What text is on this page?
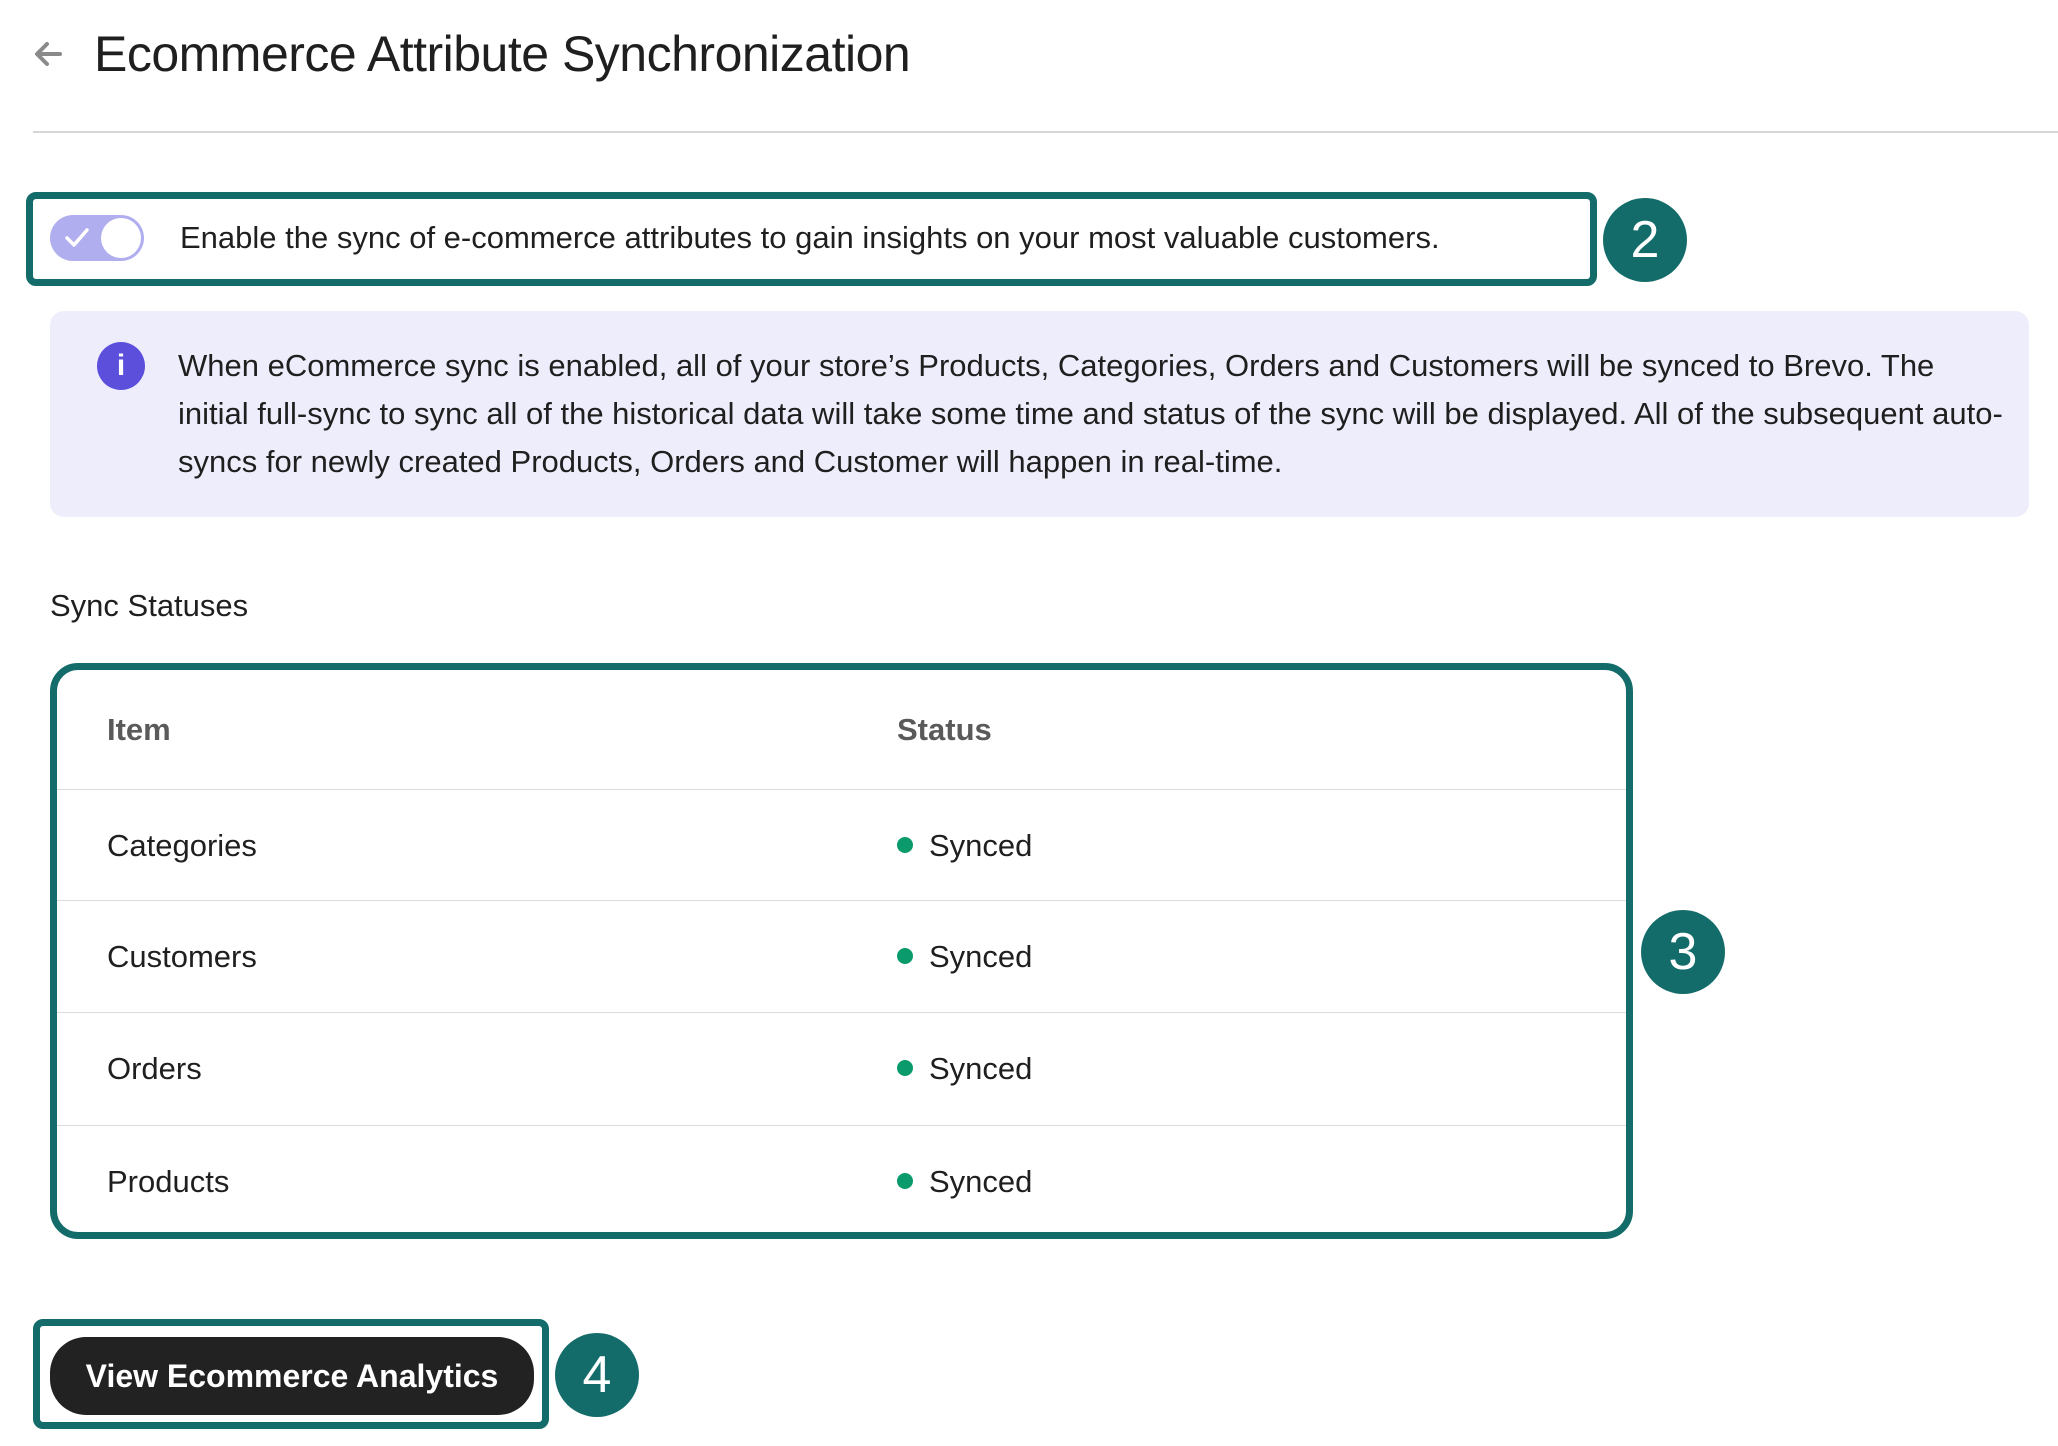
Ecommerce Attribute Synchronization
Enable the sync of e-commerce attributes to gain insights on your most valuable customers.	2
i	When eCommerce sync is enabled, all of your store’s Products, Categories, Orders and Customers will be synced to Brevo. The initial full-sync to sync all of the historical data will take some time and status of the sync will be displayed. All of the subsequent auto-syncs for newly created Products, Orders and Customer will happen in real-time.
Sync Statuses
Item	Status
Categories	Synced
Customers	Synced
Orders	Synced
Products	Synced
3
View Ecommerce Analytics	4
